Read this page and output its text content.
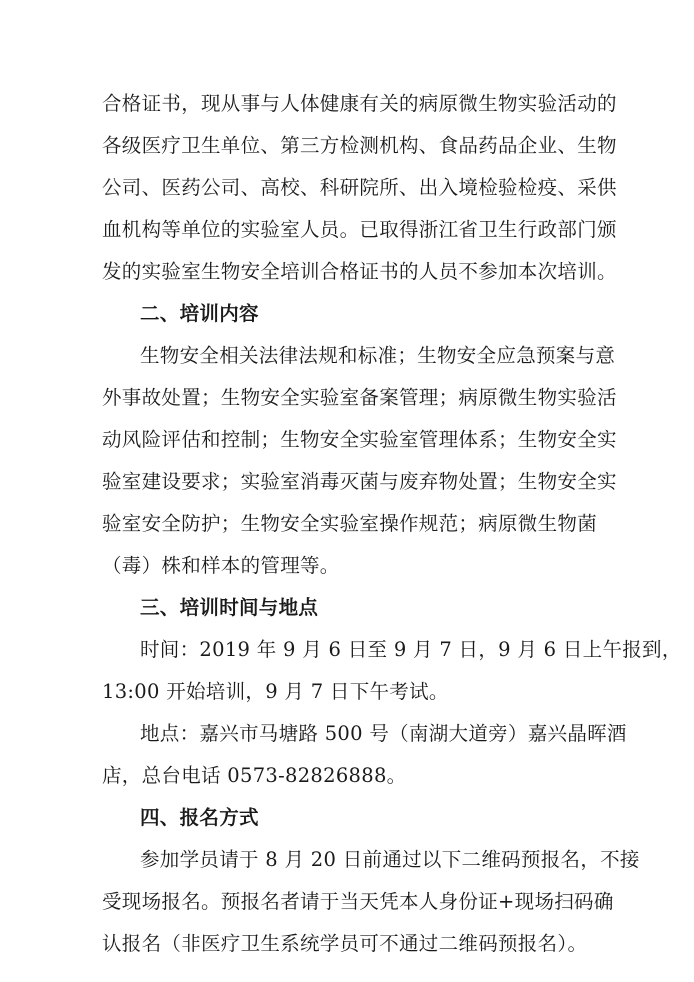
合格证书，现从事与人体健康有关的病原微生物实验活动的
各级医疗卫生单位、第三方检测机构、食品药品企业、生物
公司、医药公司、高校、科研院所、出入境检验检疫、采供
血机构等单位的实验室人员。已取得浙江省卫生行政部门颁
发的实验室生物安全培训合格证书的人员不参加本次培训。
二、培训内容
生物安全相关法律法规和标准；生物安全应急预案与意
外事故处置；生物安全实验室备案管理；病原微生物实验活
动风险评估和控制；生物安全实验室管理体系；生物安全实
验室建设要求；实验室消毒灭菌与废弃物处置；生物安全实
验室安全防护；生物安全实验室操作规范；病原微生物菌
（毒）株和样本的管理等。
三、培训时间与地点
时间：2019 年 9 月 6 日至 9 月 7 日，9 月 6 日上午报到，
13:00 开始培训，9 月 7 日下午考试。
地点：嘉兴市马塘路 500 号（南湖大道旁）嘉兴晶晖酒
店，总台电话 0573-82826888。
四、报名方式
参加学员请于 8 月 20 日前通过以下二维码预报名，不接
受现场报名。预报名者请于当天凭本人身份证+现场扫码确
认报名（非医疗卫生系统学员可不通过二维码预报名）。
